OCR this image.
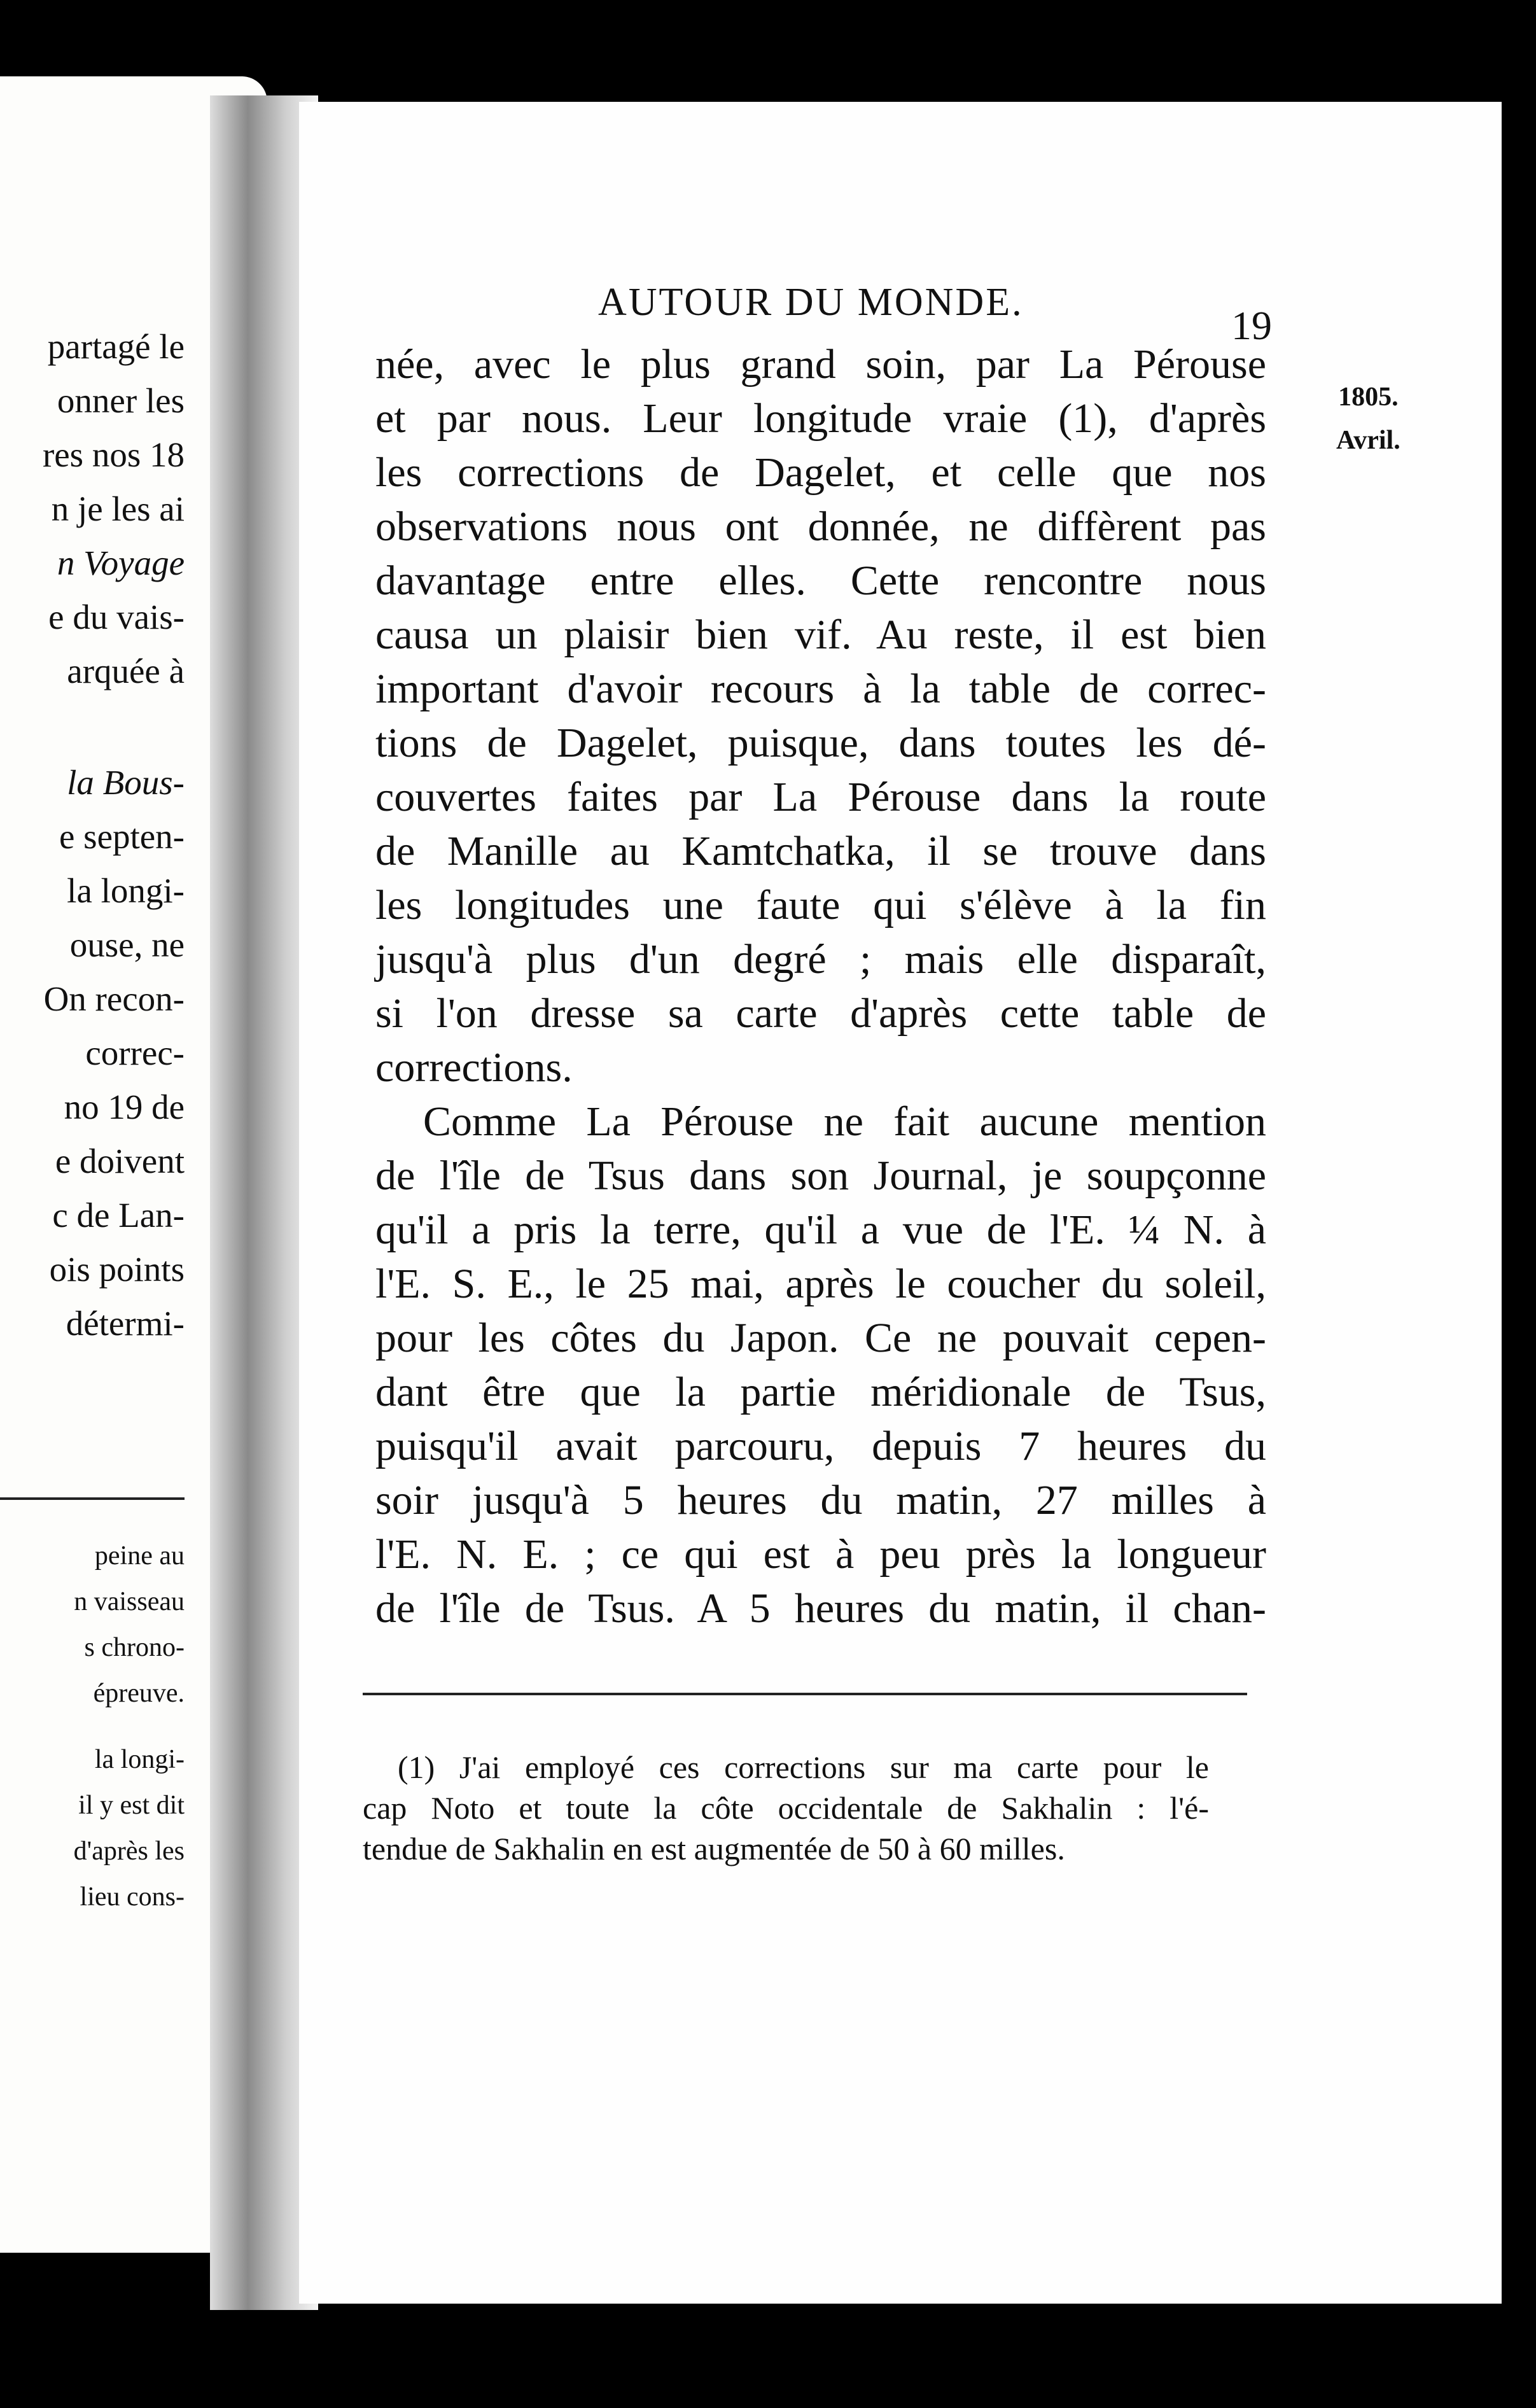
partagé le
onner les
res nos 18
n je les ai
n Voyage
e du vais-
arquée à
la Bous-
e septen-
la longi-
ouse, ne
On recon-
correc-
no 19 de
e doivent
c de Lan-
ois points
détermi-
peine au
n vaisseau
s chrono-
épreuve.
la longi-
il y est dit
d'après les
lieu cons-
AUTOUR DU MONDE.
19
1805.
Avril.
née, avec le plus grand soin, par La Pérouse
et par nous. Leur longitude vraie (1), d'après
les corrections de Dagelet, et celle que nos
observations nous ont donnée, ne diffèrent pas
davantage entre elles. Cette rencontre nous
causa un plaisir bien vif. Au reste, il est bien
important d'avoir recours à la table de correc-
tions de Dagelet, puisque, dans toutes les dé-
couvertes faites par La Pérouse dans la route
de Manille au Kamtchatka, il se trouve dans
les longitudes une faute qui s'élève à la fin
jusqu'à plus d'un degré ; mais elle disparaît,
si l'on dresse sa carte d'après cette table de
corrections.
Comme La Pérouse ne fait aucune mention
de l'île de Tsus dans son Journal, je soupçonne
qu'il a pris la terre, qu'il a vue de l'E. ¼ N. à
l'E. S. E., le 25 mai, après le coucher du soleil,
pour les côtes du Japon. Ce ne pouvait cepen-
dant être que la partie méridionale de Tsus,
puisqu'il avait parcouru, depuis 7 heures du
soir jusqu'à 5 heures du matin, 27 milles à
l'E. N. E. ; ce qui est à peu près la longueur
de l'île de Tsus. A 5 heures du matin, il chan-
(1) J'ai employé ces corrections sur ma carte pour le
cap Noto et toute la côte occidentale de Sakhalin : l'é-
tendue de Sakhalin en est augmentée de 50 à 60 milles.
